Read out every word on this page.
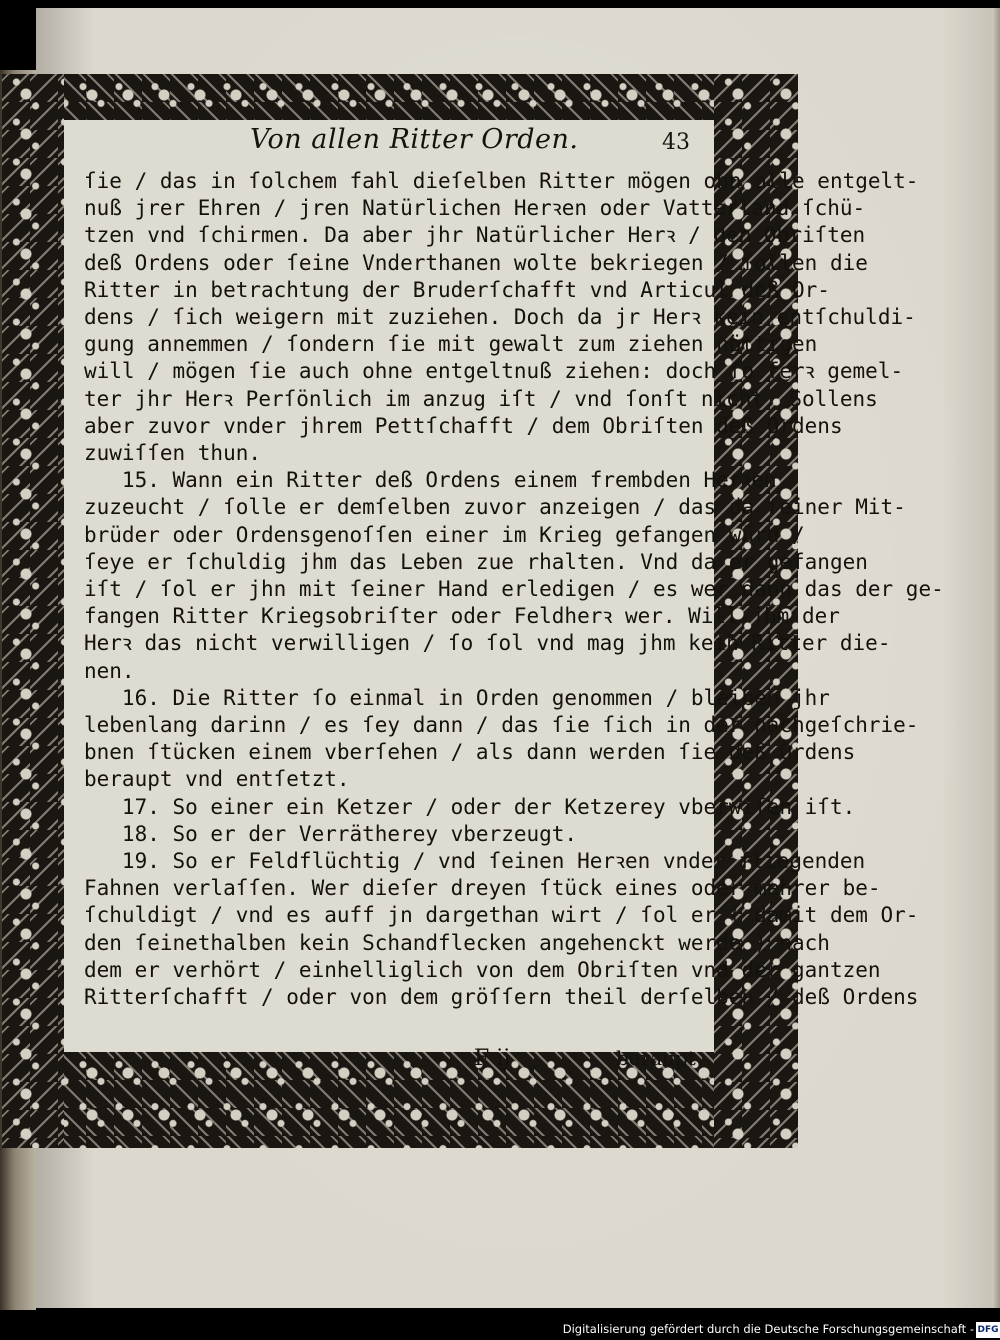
Von allen Ritter Orden.	43
ſie / das in ſolchem fahl dieſelben Ritter mögen ohn alle entgelt-
nuß jrer Ehren / jren Natürlichen Herꝛen oder Vatterland ſchü-
tzen vnd ſchirmen. Da aber jhr Natürlicher Herꝛ / den Obriſten
deß Ordens oder ſeine Vnderthanen wolte bekriegen / ſollen die
Ritter in betrachtung der Bruderſchafft vnd Articul deß Or-
dens / ſich weigern mit zuziehen. Doch da jr Herꝛ kein entſchuldi-
gung annemmen / ſondern ſie mit gewalt zum ziehen nöttigen
will / mögen ſie auch ohne entgeltnuß ziehen: doch ſo ferꝛ gemel-
ter jhr Herꝛ Perſönlich im anzug iſt / vnd ſonſt nicht. Sollens
aber zuvor vnder jhrem Pettſchafft / dem Obriſten deß Ordens
zuwiſſen thun.
15. Wann ein Ritter deß Ordens einem frembden Herꝛen
zuzeucht / ſolle er demſelben zuvor anzeigen / das da ſeiner Mit-
brüder oder Ordensgenoſſen einer im Krieg gefangen würd /
ſeye er ſchuldig jhm das Leben zue rhalten. Vnd da er gefangen
iſt / ſol er jhn mit ſeiner Hand erledigen / es wer dann das der ge-
fangen Ritter Kriegsobriſter oder Feldherꝛ wer. Will jhm der
Herꝛ das nicht verwilligen / ſo ſol vnd mag jhm kein Ritter die-
nen.
16. Die Ritter ſo einmal in Orden genommen / bleiben jhr
lebenlang darinn / es ſey dann / das ſie ſich in der nachgeſchrie-
bnen ſtücken einem vberſehen / als dann werden ſie deß Ordens
beraupt vnd entſetzt.
17. So einer ein Ketzer / oder der Ketzerey vberwiſen iſt.
18. So er der Verrätherey vberzeugt.
19. So er Feldflüchtig / vnd ſeinen Herꝛen vnder fliegenden
Fahnen verlaſſen. Wer dieſer dreyen ſtück eines oder mehrer be-
ſchuldigt / vnd es auff jn dargethan wirt / ſol er ( damit dem Or-
den ſeinethalben kein Schandflecken angehenckt werde ) nach
dem er verhört / einhelliglich von dem Obriſten vnd der gantzen
Ritterſchafft / oder von dem gröſſern theil derſelben / deß Ordens
F ij	beraupt
Digitalisierung gefördert durch die Deutsche Forschungsgemeinschaft - DFG
